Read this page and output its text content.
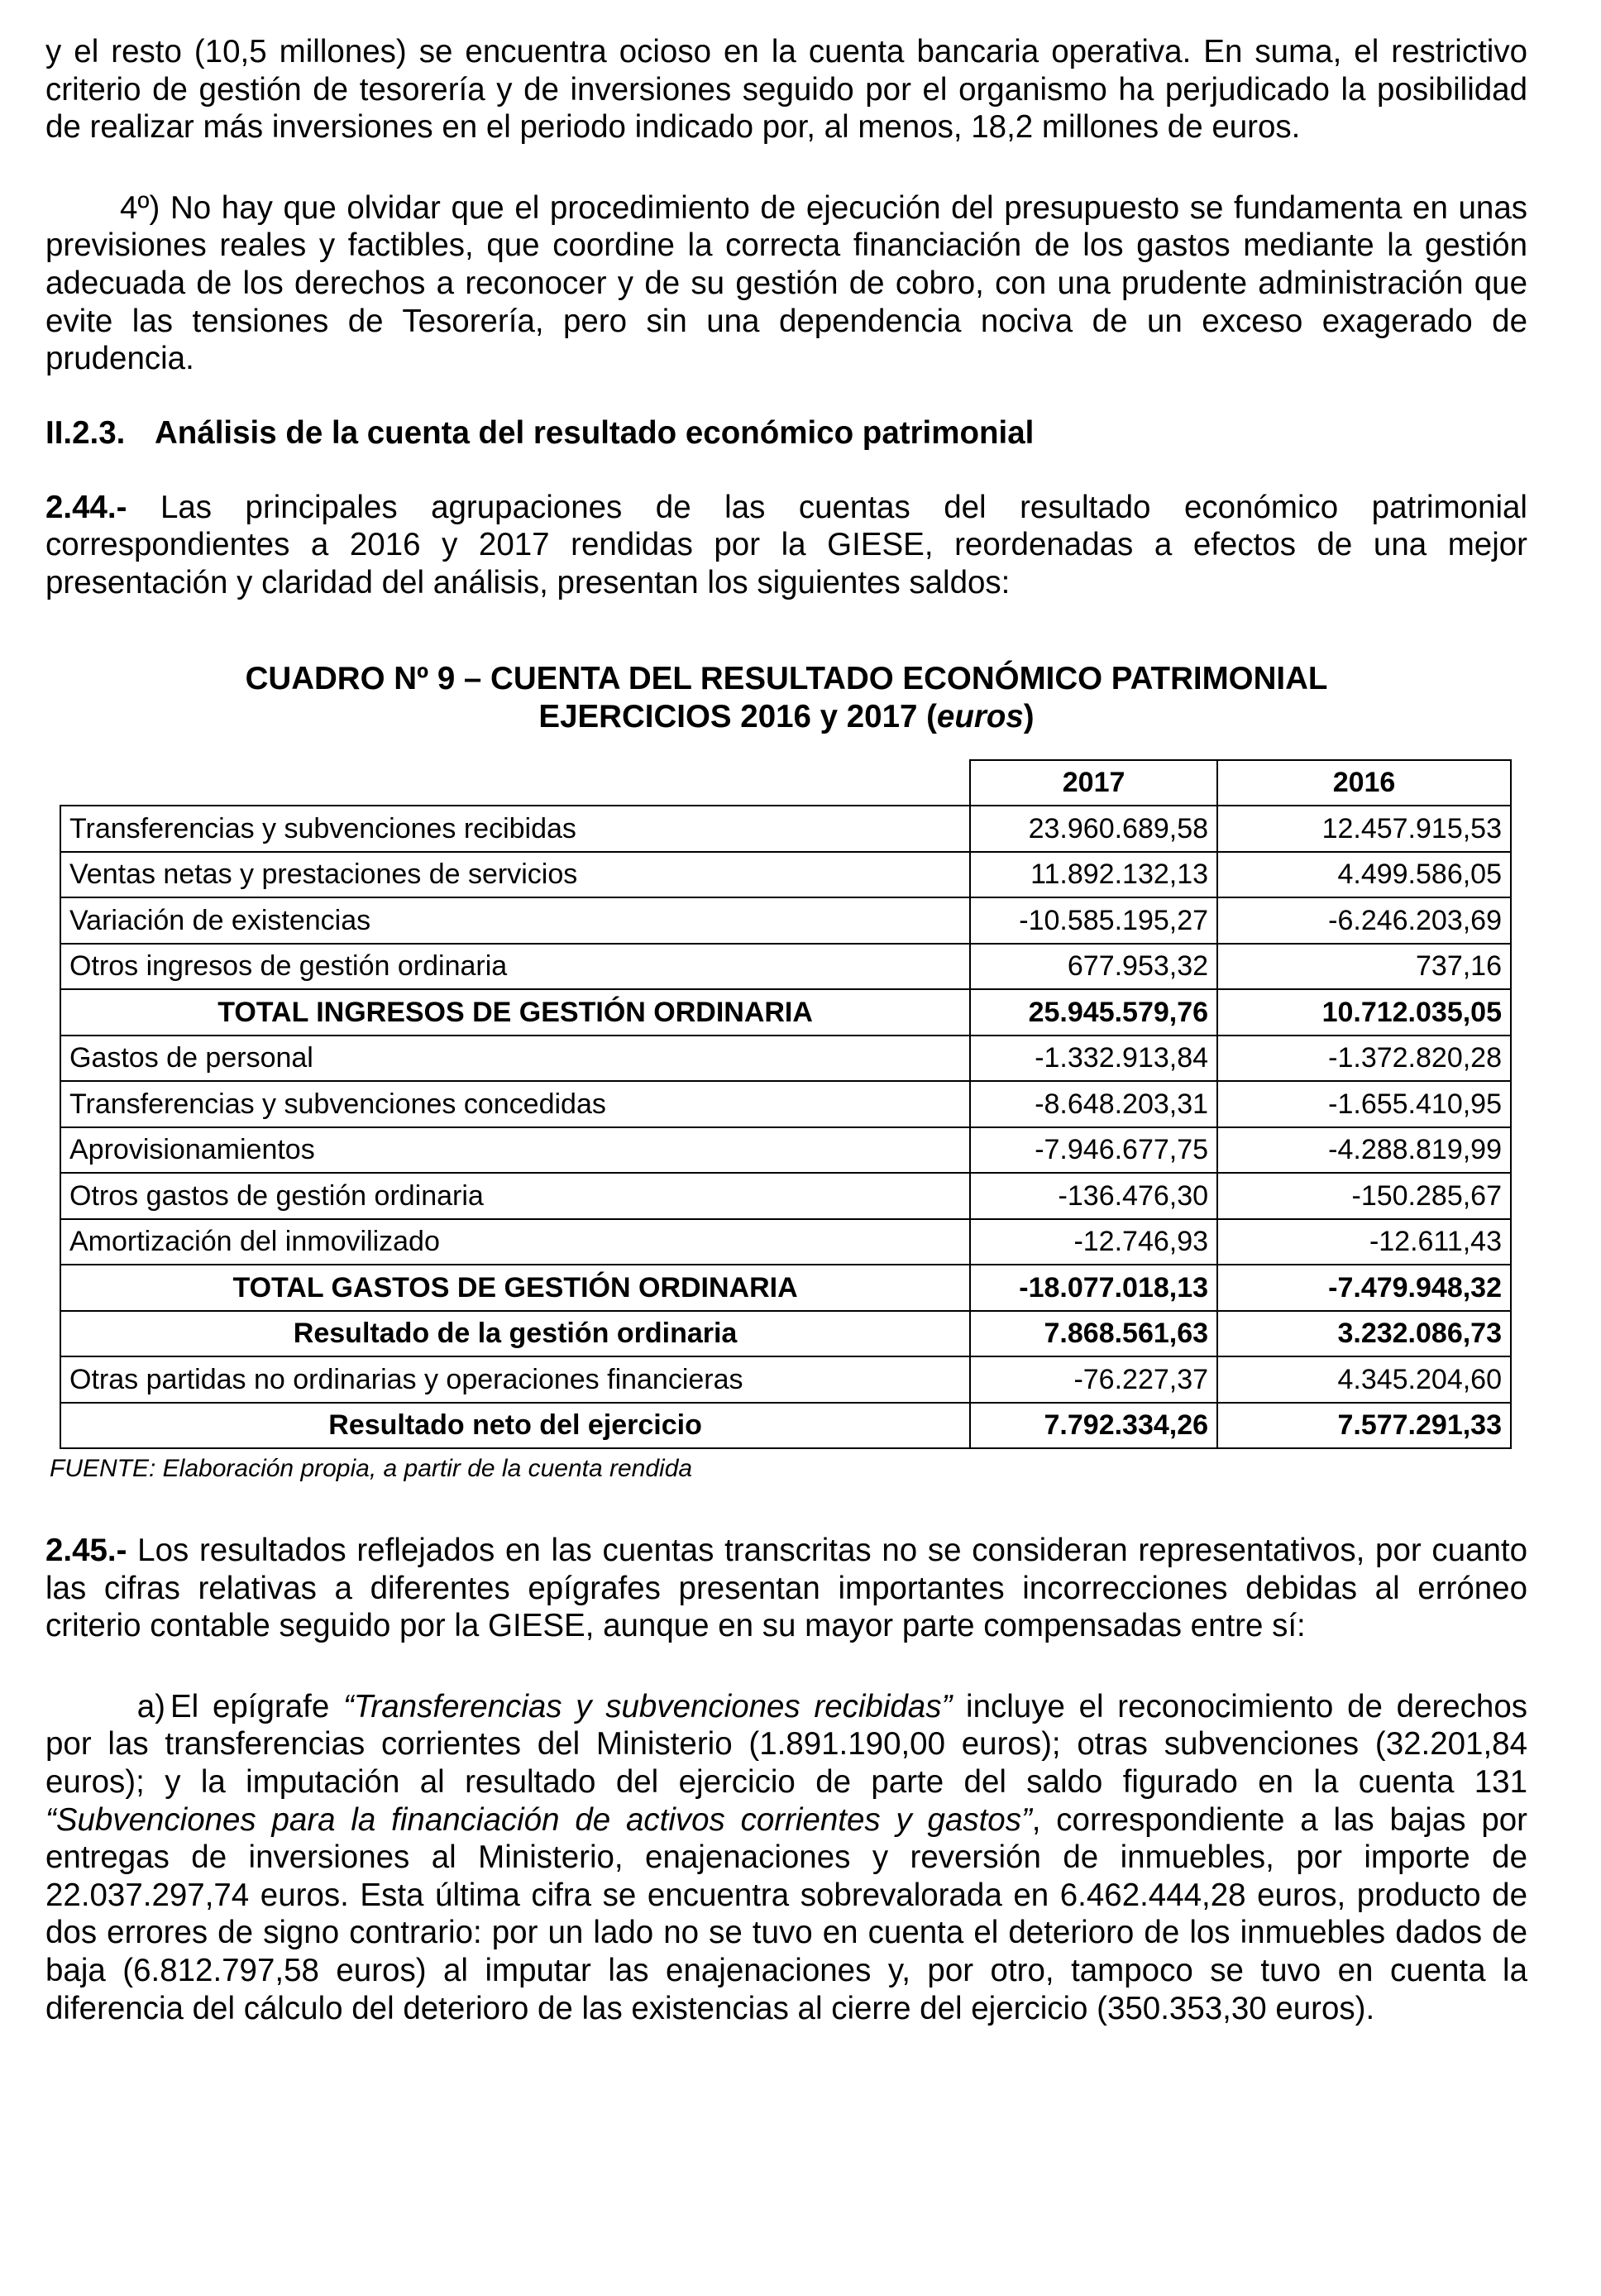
y el resto (10,5 millones) se encuentra ocioso en la cuenta bancaria operativa. En suma, el restrictivo criterio de gestión de tesorería y de inversiones seguido por el organismo ha perjudicado la posibilidad de realizar más inversiones en el periodo indicado por, al menos, 18,2 millones de euros.

4º) No hay que olvidar que el procedimiento de ejecución del presupuesto se fundamenta en unas previsiones reales y factibles, que coordine la correcta financiación de los gastos mediante la gestión adecuada de los derechos a reconocer y de su gestión de cobro, con una prudente administración que evite las tensiones de Tesorería, pero sin una dependencia nociva de un exceso exagerado de prudencia.

II.2.3. Análisis de la cuenta del resultado económico patrimonial

2.44.- Las principales agrupaciones de las cuentas del resultado económico patrimonial correspondientes a 2016 y 2017 rendidas por la GIESE, reordenadas a efectos de una mejor presentación y claridad del análisis, presentan los siguientes saldos:

CUADRO Nº 9 – CUENTA DEL RESULTADO ECONÓMICO PATRIMONIAL
EJERCICIOS 2016 y 2017 (euros)
	2017	2016
Transferencias y subvenciones recibidas	23.960.689,58	12.457.915,53
Ventas netas y prestaciones de servicios	11.892.132,13	4.499.586,05
Variación de existencias	-10.585.195,27	-6.246.203,69
Otros ingresos de gestión ordinaria	677.953,32	737,16
TOTAL INGRESOS DE GESTIÓN ORDINARIA	25.945.579,76	10.712.035,05
Gastos de personal	-1.332.913,84	-1.372.820,28
Transferencias y subvenciones concedidas	-8.648.203,31	-1.655.410,95
Aprovisionamientos	-7.946.677,75	-4.288.819,99
Otros gastos de gestión ordinaria	-136.476,30	-150.285,67
Amortización del inmovilizado	-12.746,93	-12.611,43
TOTAL GASTOS DE GESTIÓN ORDINARIA	-18.077.018,13	-7.479.948,32
Resultado de la gestión ordinaria	7.868.561,63	3.232.086,73
Otras partidas no ordinarias y operaciones financieras	-76.227,37	4.345.204,60
Resultado neto del ejercicio	7.792.334,26	7.577.291,33
FUENTE: Elaboración propia, a partir de la cuenta rendida

2.45.- Los resultados reflejados en las cuentas transcritas no se consideran representativos, por cuanto las cifras relativas a diferentes epígrafes presentan importantes incorrecciones debidas al erróneo criterio contable seguido por la GIESE, aunque en su mayor parte compensadas entre sí:

a) El epígrafe “Transferencias y subvenciones recibidas” incluye el reconocimiento de derechos por las transferencias corrientes del Ministerio (1.891.190,00 euros); otras subvenciones (32.201,84 euros); y la imputación al resultado del ejercicio de parte del saldo figurado en la cuenta 131 “Subvenciones para la financiación de activos corrientes y gastos”, correspondiente a las bajas por entregas de inversiones al Ministerio, enajenaciones y reversión de inmuebles, por importe de 22.037.297,74 euros. Esta última cifra se encuentra sobrevalorada en 6.462.444,28 euros, producto de dos errores de signo contrario: por un lado no se tuvo en cuenta el deterioro de los inmuebles dados de baja (6.812.797,58 euros) al imputar las enajenaciones y, por otro, tampoco se tuvo en cuenta la diferencia del cálculo del deterioro de las existencias al cierre del ejercicio (350.353,30 euros).
